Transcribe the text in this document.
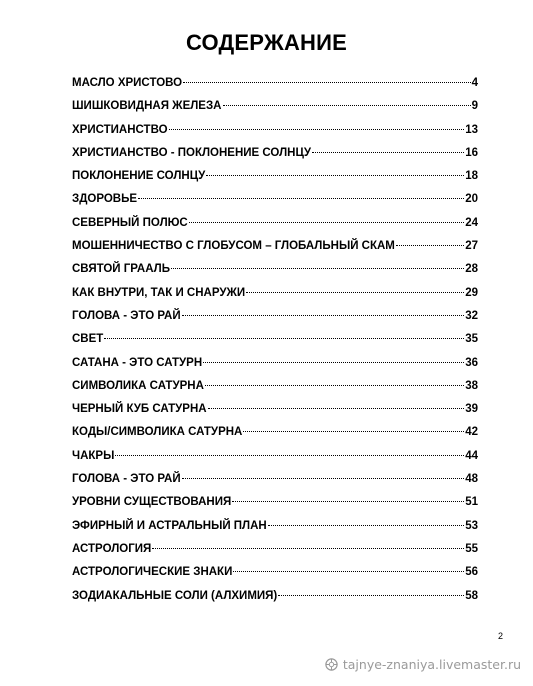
СОДЕРЖАНИЕ
МАСЛО ХРИСТОВО	4
ШИШКОВИДНАЯ ЖЕЛЕЗА	9
ХРИСТИАНСТВО	13
ХРИСТИАНСТВО - ПОКЛОНЕНИЕ СОЛНЦУ	16
ПОКЛОНЕНИЕ СОЛНЦУ	18
ЗДОРОВЬЕ	20
СЕВЕРНЫЙ ПОЛЮС	24
МОШЕННИЧЕСТВО С ГЛОБУСОМ – ГЛОБАЛЬНЫЙ СКАМ	27
СВЯТОЙ ГРААЛЬ	28
КАК ВНУТРИ, ТАК И СНАРУЖИ	29
ГОЛОВА - ЭТО РАЙ	32
СВЕТ	35
САТАНА - ЭТО САТУРН	36
СИМВОЛИКА САТУРНА	38
ЧЕРНЫЙ КУБ САТУРНА	39
КОДЫ/СИМВОЛИКА САТУРНА	42
ЧАКРЫ	44
ГОЛОВА - ЭТО РАЙ	48
УРОВНИ СУЩЕСТВОВАНИЯ	51
ЭФИРНЫЙ И АСТРАЛЬНЫЙ ПЛАН	53
АСТРОЛОГИЯ	55
АСТРОЛОГИЧЕСКИЕ ЗНАКИ	56
ЗОДИАКАЛЬНЫЕ СОЛИ (АЛХИМИЯ)	58
2
tajnye-znaniya.livemaster.ru
